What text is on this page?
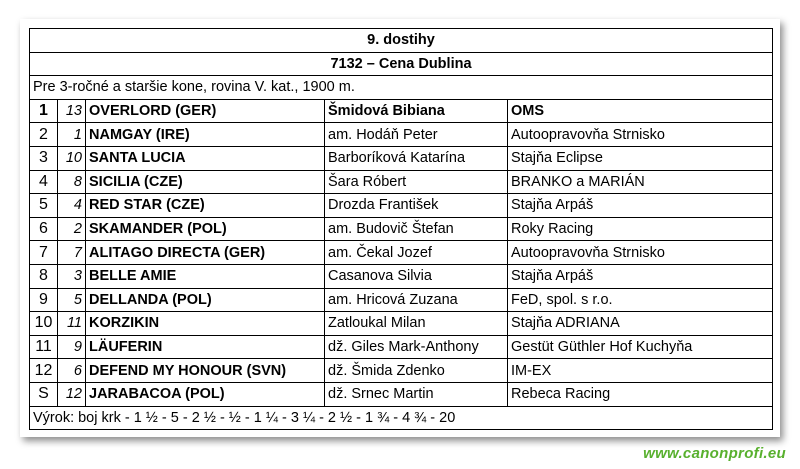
9. dostihy				
7132 – Cena Dublina				
Pre 3-ročné a staršie kone, rovina V. kat., 1900 m.				
1	13	OVERLORD (GER)	Šmidová Bibiana	OMS
2	1	NAMGAY (IRE)	am. Hodáň Peter	Autoopravovňa Strnisko
3	10	SANTA LUCIA	Barboríková Katarína	Stajňa Eclipse
4	8	SICILIA (CZE)	Šara Róbert	BRANKO a MARIÁN
5	4	RED STAR (CZE)	Drozda František	Stajňa Arpáš
6	2	SKAMANDER (POL)	am. Budovič Štefan	Roky Racing
7	7	ALITAGO DIRECTA (GER)	am. Čekal Jozef	Autoopravovňa Strnisko
8	3	BELLE AMIE	Casanova Silvia	Stajňa Arpáš
9	5	DELLANDA (POL)	am. Hricová Zuzana	FeD, spol. s r.o.
10	11	KORZIKIN	Zatloukal Milan	Stajňa ADRIANA
11	9	LÄUFERIN	dž. Giles Mark-Anthony	Gestüt Güthler Hof Kuchyňa
12	6	DEFEND MY HONOUR (SVN)	dž. Šmida Zdenko	IM-EX
S	12	JARABACOA (POL)	dž. Srnec Martin	Rebeca Racing
Výrok: boj krk - 1 ½ - 5 - 2 ½ - ½ - 1 ¼ - 3 ¼ - 2 ½ - 1 ¾ - 4 ¾ - 20				
www.canonprofi.eu
